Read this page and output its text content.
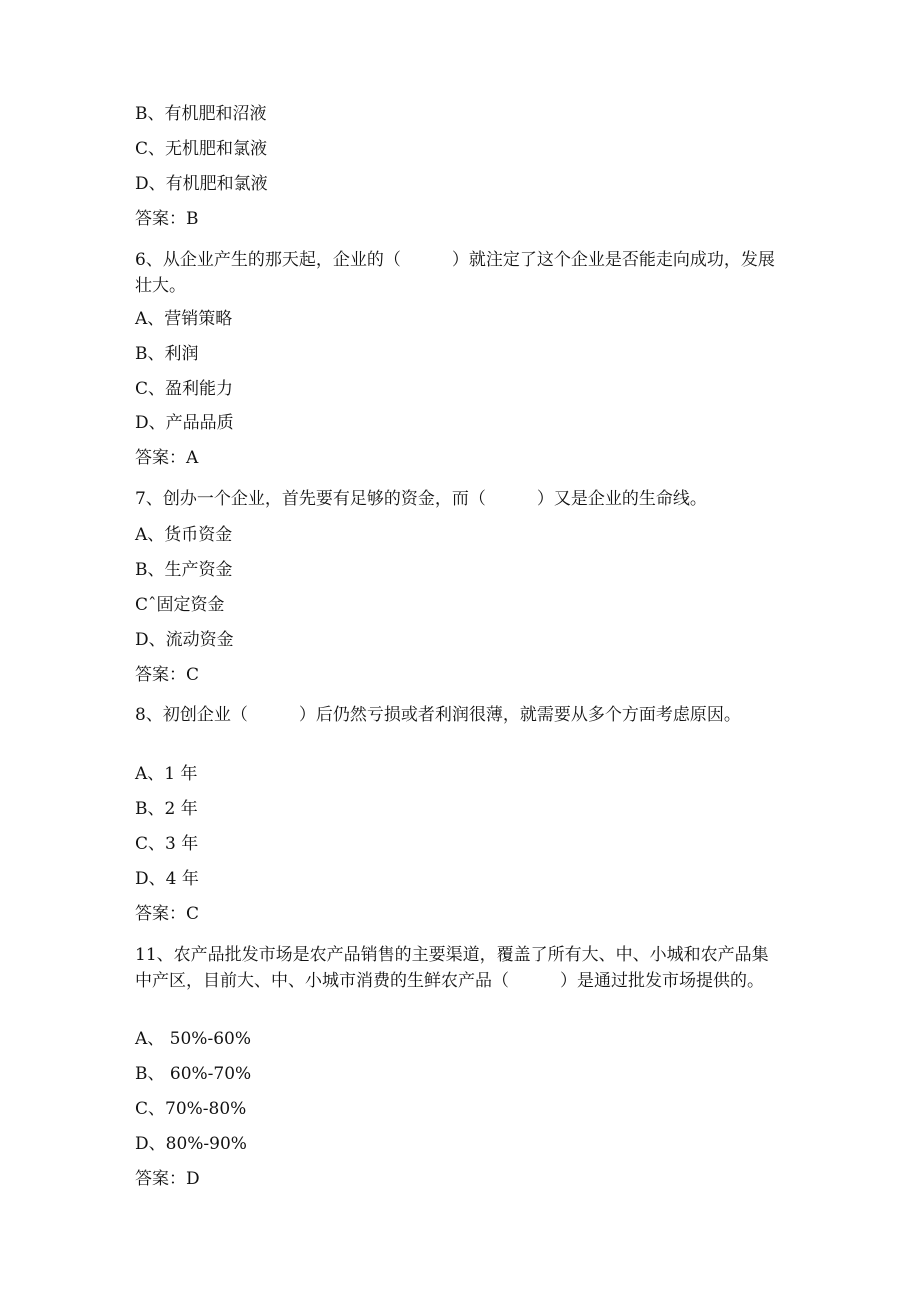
B、有机肥和沼液
C、无机肥和氯液
D、有机肥和氯液
答案：B
6、从企业产生的那天起，企业的（　　　）就注定了这个企业是否能走向成功，发展壮大。
A、营销策略
B、利润
C、盈利能力
D、产品品质
答案：A
7、创办一个企业，首先要有足够的资金，而（　　　）又是企业的生命线。
A、货币资金
B、生产资金
Cˆ固定资金
D、流动资金
答案：C
8、初创企业（　　　）后仍然亏损或者利润很薄，就需要从多个方面考虑原因。
A、1 年
B、2 年
C、3 年
D、4 年
答案：C
11、农产品批发市场是农产品销售的主要渠道，覆盖了所有大、中、小城和农产品集中产区，目前大、中、小城市消费的生鲜农产品（　　　）是通过批发市场提供的。
A、 50%-60%
B、 60%-70%
C、70%-80%
D、80%-90%
答案：D
